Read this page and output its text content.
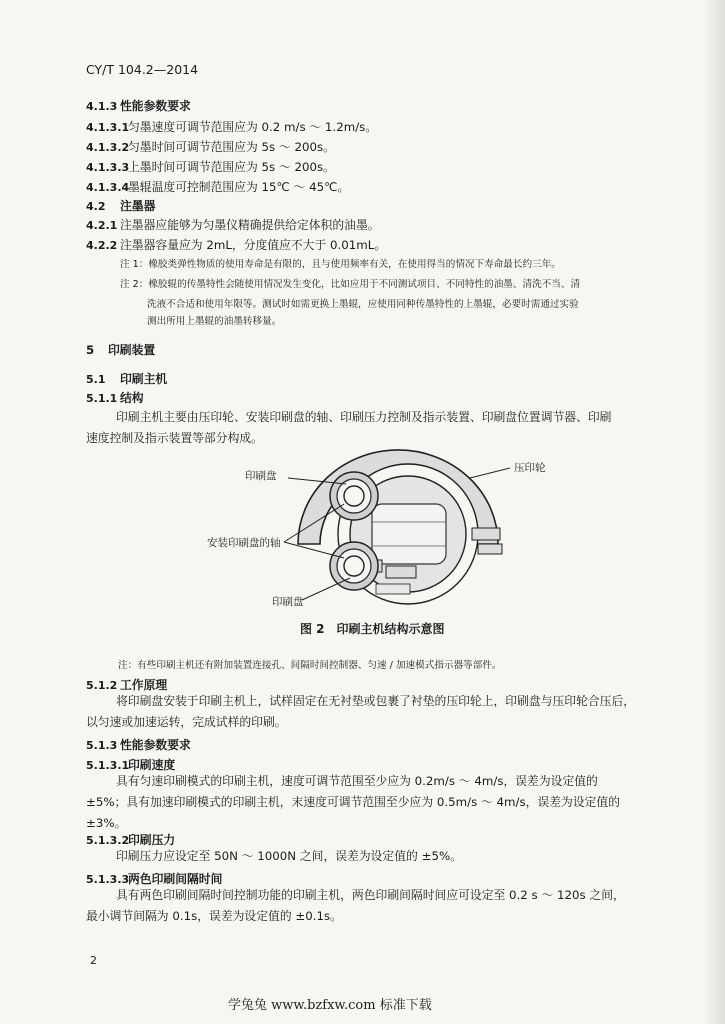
CY/T 104.2—2014
4.1.3 性能参数要求
4.1.3.1匀墨速度可调节范围应为 0.2 m/s ～ 1.2m/s。
4.1.3.2匀墨时间可调节范围应为 5s ～ 200s。
4.1.3.3上墨时间可调节范围应为 5s ～ 200s。
4.1.3.4墨辊温度可控制范围应为 15℃ ～ 45℃。
4.2 注墨器
4.2.1 注墨器应能够为匀墨仪精确提供给定体积的油墨。
4.2.2 注墨器容量应为 2mL，分度值应不大于 0.01mL。
注 1：橡胶类弹性物质的使用寿命是有限的，且与使用频率有关，在使用得当的情况下寿命最长约三年。
注 2：橡胶辊的传墨特性会随使用情况发生变化，比如应用于不同测试项目、不同特性的油墨、清洗不当、清
洗液不合适和使用年限等。测试时如需更换上墨辊，应使用同种传墨特性的上墨辊，必要时需通过实验
测出所用上墨辊的油墨转移量。
5 印刷装置
5.1 印刷主机
5.1.1 结构
印刷主机主要由压印轮、安装印刷盘的轴、印刷压力控制及指示装置、印刷盘位置调节器、印刷
速度控制及指示装置等部分构成。
印刷盘
压印轮
安装印刷盘的轴
印刷盘
图 2　印刷主机结构示意图
注：有些印刷主机还有附加装置连接孔、间隔时间控制器、匀速 / 加速模式指示器等部件。
5.1.2 工作原理
将印刷盘安装于印刷主机上，试样固定在无衬垫或包裹了衬垫的压印轮上，印刷盘与压印轮合压后，
以匀速或加速运转，完成试样的印刷。
5.1.3 性能参数要求
5.1.3.1印刷速度
具有匀速印刷模式的印刷主机，速度可调节范围至少应为 0.2m/s ～ 4m/s，误差为设定值的
±5%；具有加速印刷模式的印刷主机，末速度可调节范围至少应为 0.5m/s ～ 4m/s，误差为设定值的
±3%。
5.1.3.2印刷压力
印刷压力应设定至 50N ～ 1000N 之间，误差为设定值的 ±5%。
5.1.3.3两色印刷间隔时间
具有两色印刷间隔时间控制功能的印刷主机，两色印刷间隔时间应可设定至 0.2 s ～ 120s 之间，
最小调节间隔为 0.1s，误差为设定值的 ±0.1s。
2
学兔兔 www.bzfxw.com 标准下载
